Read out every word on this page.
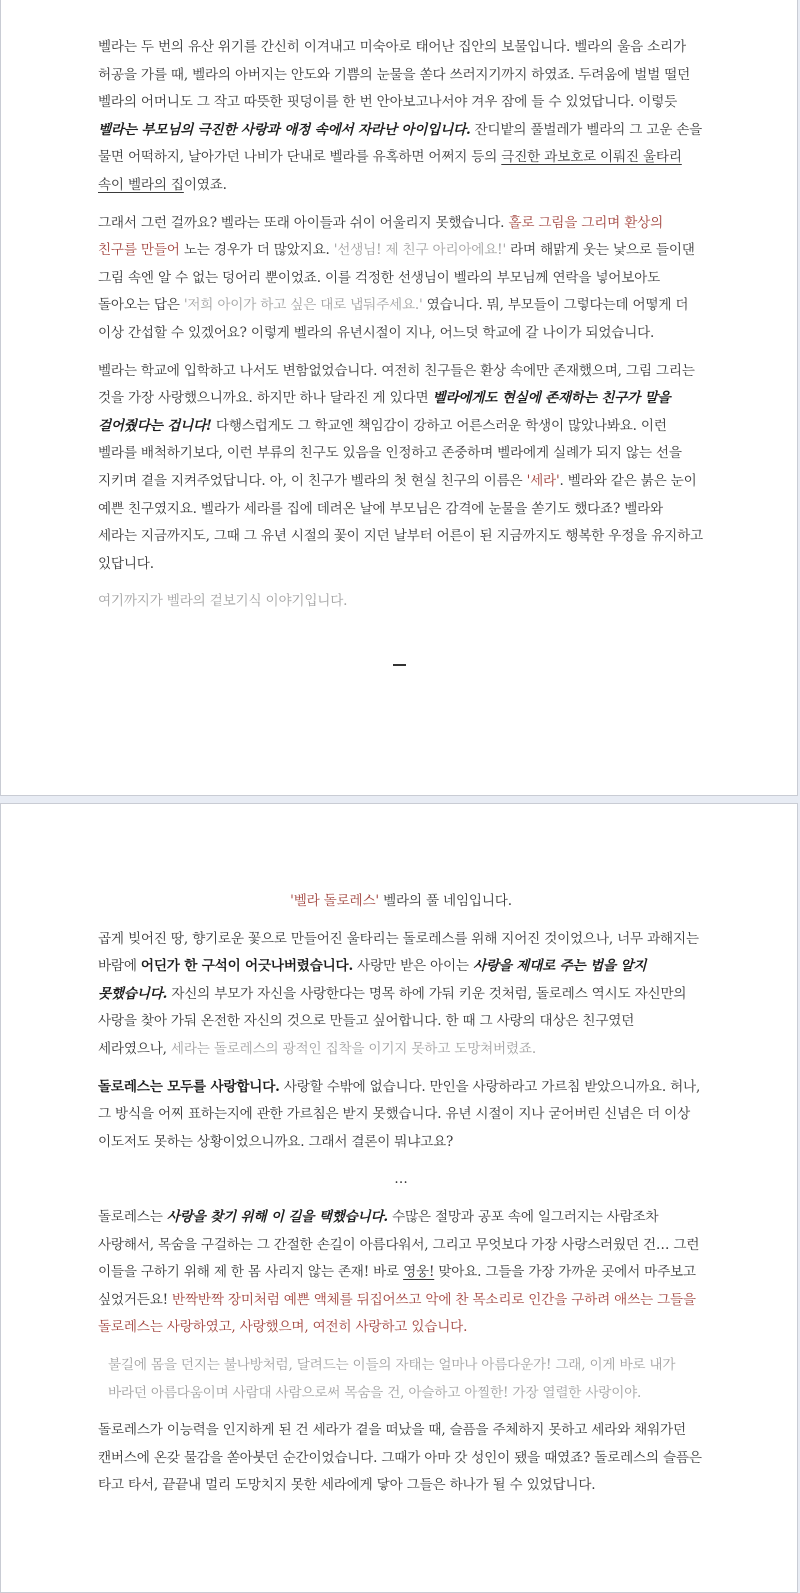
벨라는 두 번의 유산 위기를 간신히 이겨내고 미숙아로 태어난 집안의 보물입니다. 벨라의 울음 소리가 허공을 가를 때, 벨라의 아버지는 안도와 기쁨의 눈물을 쏟다 쓰러지기까지 하였죠. 두려움에 벌벌 떨던 벨라의 어머니도 그 작고 따뜻한 핏덩이를 한 번 안아보고나서야 겨우 잠에 들 수 있었답니다. 이렇듯 벨라는 부모님의 극진한 사랑과 애정 속에서 자라난 아이입니다. 잔디밭의 풀벌레가 벨라의 그 고운 손을 물면 어떡하지, 날아가던 나비가 단내로 벨라를 유혹하면 어쩌지 등의 극진한 과보호로 이뤄진 울타리 속이 벨라의 집이였죠.

그래서 그런 걸까요? 벨라는 또래 아이들과 쉬이 어울리지 못했습니다. 홀로 그림을 그리며 환상의 친구를 만들어 노는 경우가 더 많았지요. '선생님! 제 친구 아리아에요!' 라며 해맑게 웃는 낯으로 들이댄 그림 속엔 알 수 없는 덩어리 뿐이었죠. 이를 걱정한 선생님이 벨라의 부모님께 연락을 넣어보아도 돌아오는 답은 '저희 아이가 하고 싶은 대로 냅둬주세요.' 였습니다. 뭐, 부모들이 그렇다는데 어떻게 더 이상 간섭할 수 있겠어요? 이렇게 벨라의 유년시절이 지나, 어느덧 학교에 갈 나이가 되었습니다.

벨라는 학교에 입학하고 나서도 변함없었습니다. 여전히 친구들은 환상 속에만 존재했으며, 그림 그리는 것을 가장 사랑했으니까요. 하지만 하나 달라진 게 있다면 벨라에게도 현실에 존재하는 친구가 말을 걸어줬다는 겁니다! 다행스럽게도 그 학교엔 책임감이 강하고 어른스러운 학생이 많았나봐요. 이런 벨라를 배척하기보다, 이런 부류의 친구도 있음을 인정하고 존중하며 벨라에게 실례가 되지 않는 선을 지키며 곁을 지켜주었답니다. 아, 이 친구가 벨라의 첫 현실 친구의 이름은 '세라'. 벨라와 같은 붉은 눈이 예쁜 친구였지요. 벨라가 세라를 집에 데려온 날에 부모님은 감격에 눈물을 쏟기도 했다죠? 벨라와 세라는 지금까지도, 그때 그 유년 시절의 꽃이 지던 날부터 어른이 된 지금까지도 행복한 우정을 유지하고 있답니다.

여기까지가 벨라의 겉보기식 이야기입니다.

'벨라 돌로레스' 벨라의 풀 네임입니다.

곱게 빚어진 땅, 향기로운 꽃으로 만들어진 울타리는 돌로레스를 위해 지어진 것이었으나, 너무 과해지는 바람에 어딘가 한 구석이 어긋나버렸습니다. 사랑만 받은 아이는 사랑을 제대로 주는 법을 알지 못했습니다. 자신의 부모가 자신을 사랑한다는 명목 하에 가둬 키운 것처럼, 돌로레스 역시도 자신만의 사랑을 찾아 가둬 온전한 자신의 것으로 만들고 싶어합니다. 한 때 그 사랑의 대상은 친구였던 세라였으나, 세라는 돌로레스의 광적인 집착을 이기지 못하고 도망쳐버렸죠.

돌로레스는 모두를 사랑합니다. 사랑할 수밖에 없습니다. 만인을 사랑하라고 가르침 받았으니까요. 허나, 그 방식을 어찌 표하는지에 관한 가르침은 받지 못했습니다. 유년 시절이 지나 굳어버린 신념은 더 이상 이도저도 못하는 상황이었으니까요. 그래서 결론이 뭐냐고요?

…

돌로레스는 사랑을 찾기 위해 이 길을 택했습니다. 수많은 절망과 공포 속에 일그러지는 사람조차 사랑해서, 목숨을 구걸하는 그 간절한 손길이 아름다워서, 그리고 무엇보다 가장 사랑스러웠던 건… 그런 이들을 구하기 위해 제 한 몸 사리지 않는 존재! 바로 영웅! 맞아요. 그들을 가장 가까운 곳에서 마주보고 싶었거든요! 반짝반짝 장미처럼 예쁜 액체를 뒤집어쓰고 악에 찬 목소리로 인간을 구하려 애쓰는 그들을 돌로레스는 사랑하였고, 사랑했으며, 여전히 사랑하고 있습니다.

불길에 몸을 던지는 불나방처럼, 달려드는 이들의 자태는 얼마나 아름다운가! 그래, 이게 바로 내가 바라던 아름다움이며 사람대 사람으로써 목숨을 건, 아슬하고 아찔한! 가장 열렬한 사랑이야.

돌로레스가 이능력을 인지하게 된 건 세라가 곁을 떠났을 때, 슬픔을 주체하지 못하고 세라와 채워가던 캔버스에 온갖 물감을 쏟아붓던 순간이었습니다. 그때가 아마 갓 성인이 됐을 때였죠? 돌로레스의 슬픔은 타고 타서, 끝끝내 멀리 도망치지 못한 세라에게 닿아 그들은 하나가 될 수 있었답니다.
